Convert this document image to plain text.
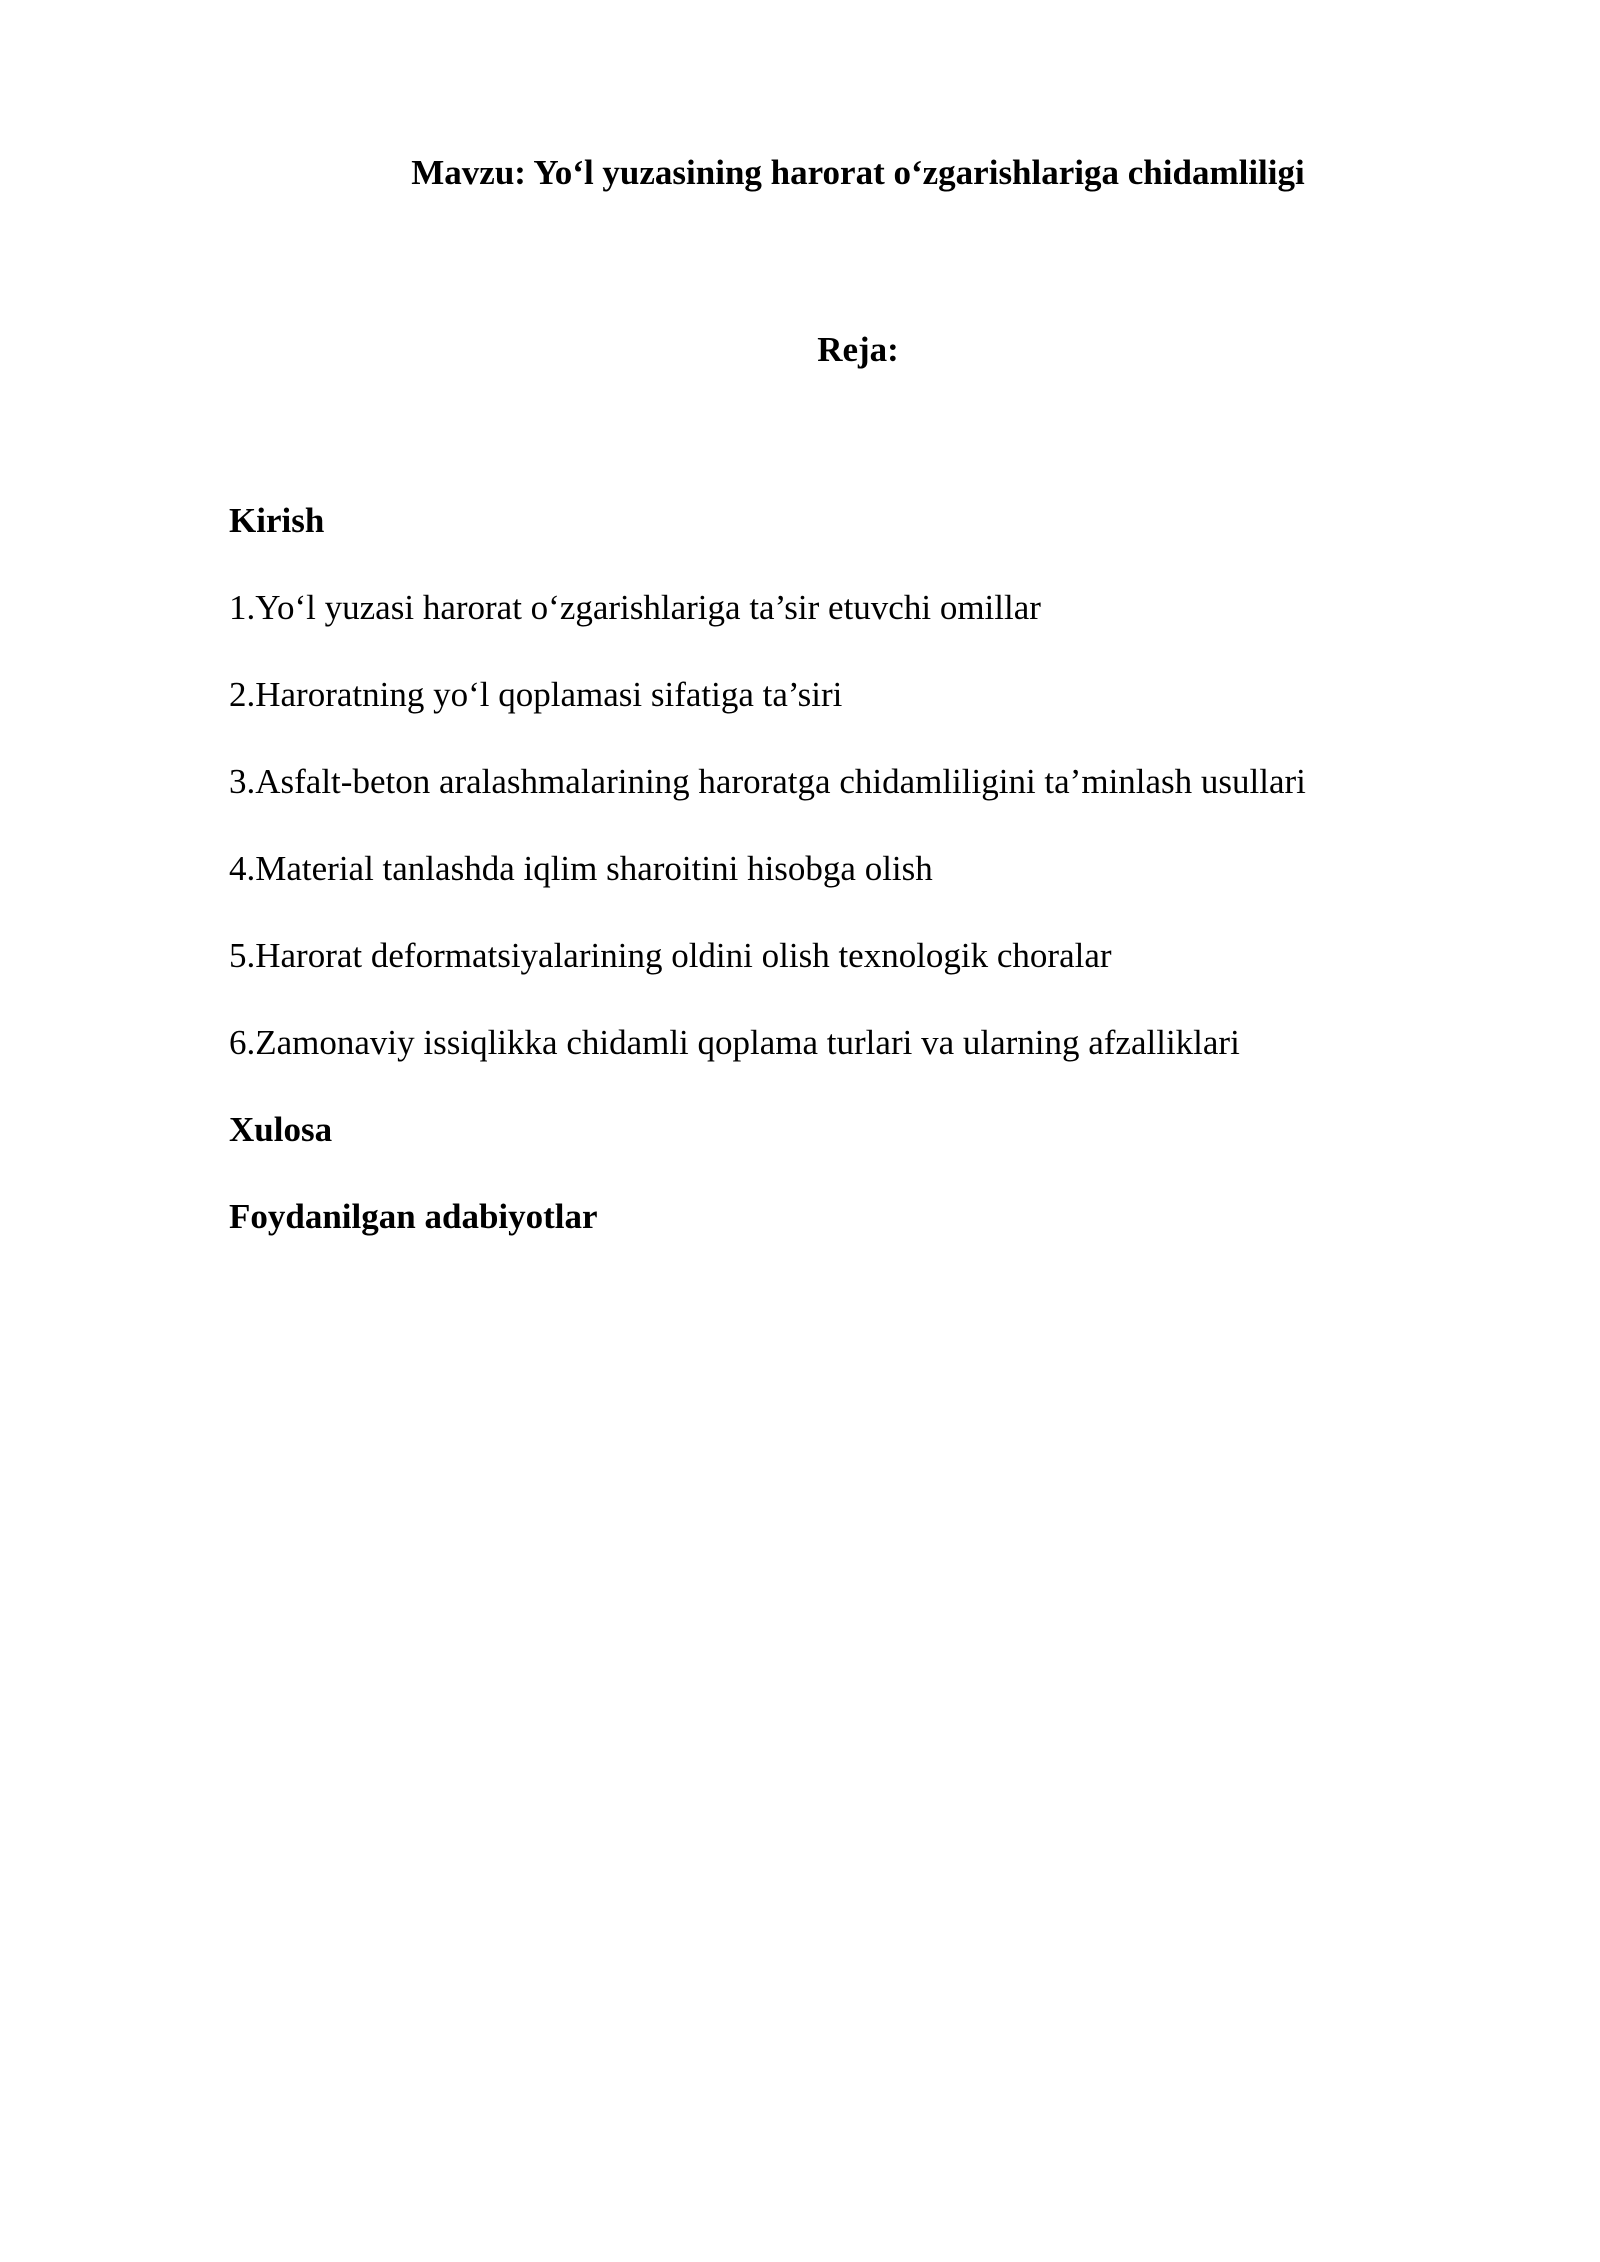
Mavzu: Yo‘l yuzasining harorat o‘zgarishlariga chidamliligi
Reja:
Kirish
1.Yo‘l yuzasi harorat o‘zgarishlariga ta’sir etuvchi omillar
2.Haroratning yo‘l qoplamasi sifatiga ta’siri
3.Asfalt-beton aralashmalarining haroratga chidamliligini ta’minlash usullari
4.Material tanlashda iqlim sharoitini hisobga olish
5.Harorat deformatsiyalarining oldini olish texnologik choralar
6.Zamonaviy issiqlikka chidamli qoplama turlari va ularning afzalliklari
Xulosa
Foydanilgan adabiyotlar
